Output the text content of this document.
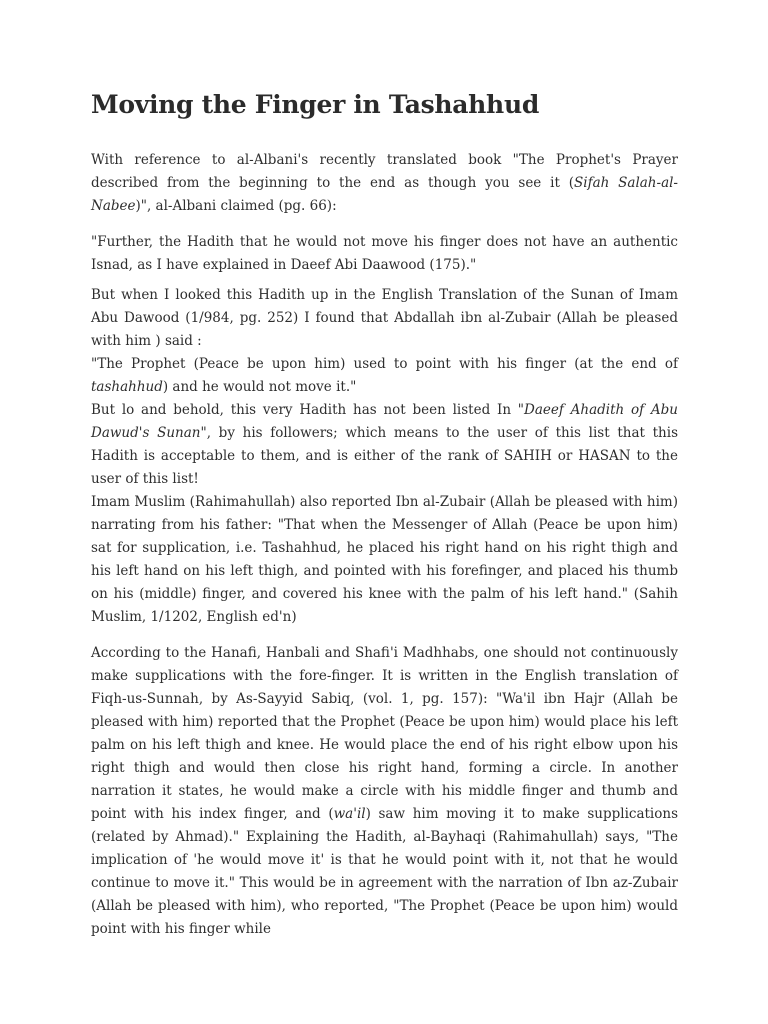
Moving the Finger in Tashahhud

With reference to al-Albani's recently translated book "The Prophet's Prayer described from the beginning to the end as though you see it (Sifah Salah-al-Nabee)", al-Albani claimed (pg. 66):

"Further, the Hadith that he would not move his finger does not have an authentic Isnad, as I have explained in Daeef Abi Daawood (175)."

But when I looked this Hadith up in the English Translation of the Sunan of Imam Abu Dawood (1/984, pg. 252) I found that Abdallah ibn al-Zubair (Allah be pleased with him ) said :

"The Prophet (Peace be upon him) used to point with his finger (at the end of tashahhud) and he would not move it."

But lo and behold, this very Hadith has not been listed In "Daeef Ahadith of Abu Dawud's Sunan", by his followers; which means to the user of this list that this Hadith is acceptable to them, and is either of the rank of SAHIH or HASAN to the user of this list!

Imam Muslim (Rahimahullah) also reported Ibn al-Zubair (Allah be pleased with him) narrating from his father: "That when the Messenger of Allah (Peace be upon him) sat for supplication, i.e. Tashahhud, he placed his right hand on his right thigh and his left hand on his left thigh, and pointed with his forefinger, and placed his thumb on his (middle) finger, and covered his knee with the palm of his left hand." (Sahih Muslim, 1/1202, English ed'n)

According to the Hanafi, Hanbali and Shafi'i Madhhabs, one should not continuously make supplications with the fore-finger. It is written in the English translation of Fiqh-us-Sunnah, by As-Sayyid Sabiq, (vol. 1, pg. 157): "Wa'il ibn Hajr (Allah be pleased with him) reported that the Prophet (Peace be upon him) would place his left palm on his left thigh and knee. He would place the end of his right elbow upon his right thigh and would then close his right hand, forming a circle. In another narration it states, he would make a circle with his middle finger and thumb and point with his index finger, and (wa'il) saw him moving it to make supplications (related by Ahmad)." Explaining the Hadith, al-Bayhaqi (Rahimahullah) says, "The implication of 'he would move it' is that he would point with it, not that he would continue to move it." This would be in agreement with the narration of Ibn az-Zubair (Allah be pleased with him), who reported, "The Prophet (Peace be upon him) would point with his finger while
